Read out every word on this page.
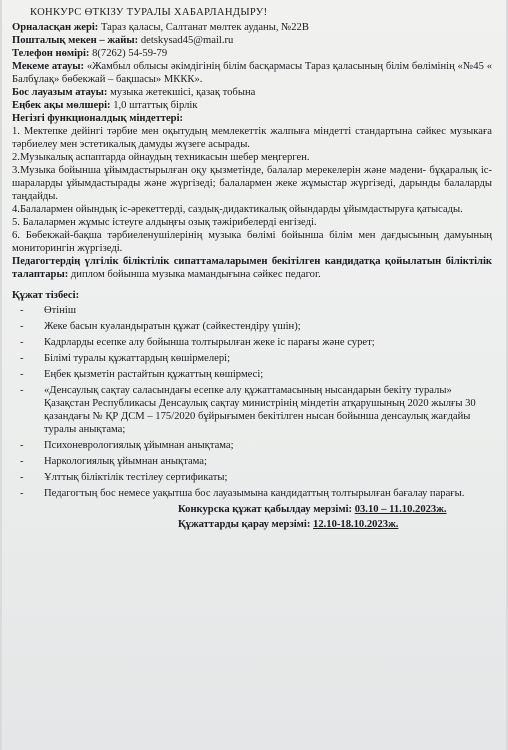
КОНКУРС ӨТКІЗУ ТУРАЛЫ ХАБАРЛАНДЫРУ!

Орналасқан жері: Тараз қаласы, Салтанат мөлтек ауданы, №22В

Пошталық мекен – жайы: detskysad45@mail.ru

Телефон нөмірі: 8(7262) 54-59-79

Мекеме атауы: «Жамбыл облысы әкімдігінің білім басқармасы Тараз қаласының білім бөлімінің «№45 « Балбұлақ» бөбекжай – бақшасы» МККК».

Бос лауазым атауы: музыка жетекшісі, қазақ тобына

Еңбек ақы мөлшері: 1,0 штаттық бірлік

Негізгі функционалдық міндеттері:

1. Мектепке дейінгі тәрбие мен оқытудың мемлекеттік жалпыға міндетті стандартына сәйкес музыкаға тәрбиелеу мен эстетикалық дамуды жүзеге асырады.

2.Музыкалық аспаптарда ойнаудың техникасын шебер меңгерген.

3.Музыка бойынша ұйымдастырылған оқу қызметінде, балалар мерекелерін және мәдени- бұқаралық іс-шараларды ұйымдастырады және жүргізеді; балалармен жеке жұмыстар жүргізеді, дарынды балаларды таңдайды.

4.Балалармен ойындық іс-әрекеттерді, саздық-дидактикалық ойындарды ұйымдастыруға қатысады.

5. Балалармен жұмыс істеуге алдыңғы озық тәжірибелерді енгізеді.

6. Бөбекжай-бақша тәрбиеленушілерінің музыка бөлімі бойынша білім мен дағдысының дамуының мониторингін жүргізеді.

Педагогтердің үлгілік біліктілік сипаттамаларымен бекітілген кандидатқа қойылатын біліктілік талаптары: диплом бойынша музыка мамандығына сәйкес педагог.

Құжат тізбесі:

- Өтініш
- Жеке басын куәландыратын құжат (сәйкестендіру үшін);
- Кадрларды есепке алу бойынша толтырылған жеке іс парағы және сурет;
- Білімі туралы құжаттардың көшірмелері;
- Еңбек қызметін растайтын құжаттың көшірмесі;
- «Денсаулық сақтау саласындағы есепке алу құжаттамасының нысандарын бекіту туралы» Қазақстан Республикасы Денсаулық сақтау министрінің міндетін атқарушының 2020 жылғы 30 қазандағы № ҚР ДСМ – 175/2020 бұйрығымен бекітілген нысан бойынша денсаулық жағдайы туралы анықтама;
- Психоневрологиялық ұйымнан анықтама;
- Наркологиялық ұйымнан анықтама;
- Ұлттық біліктілік тестілеу сертификаты;
- Педагогтың бос немесе уақытша бос лауазымына кандидаттың толтырылған бағалау парағы.

Конкурска құжат қабылдау мерзімі: 03.10 – 11.10.2023ж.

Құжаттарды қарау мерзімі: 12.10-18.10.2023ж.
